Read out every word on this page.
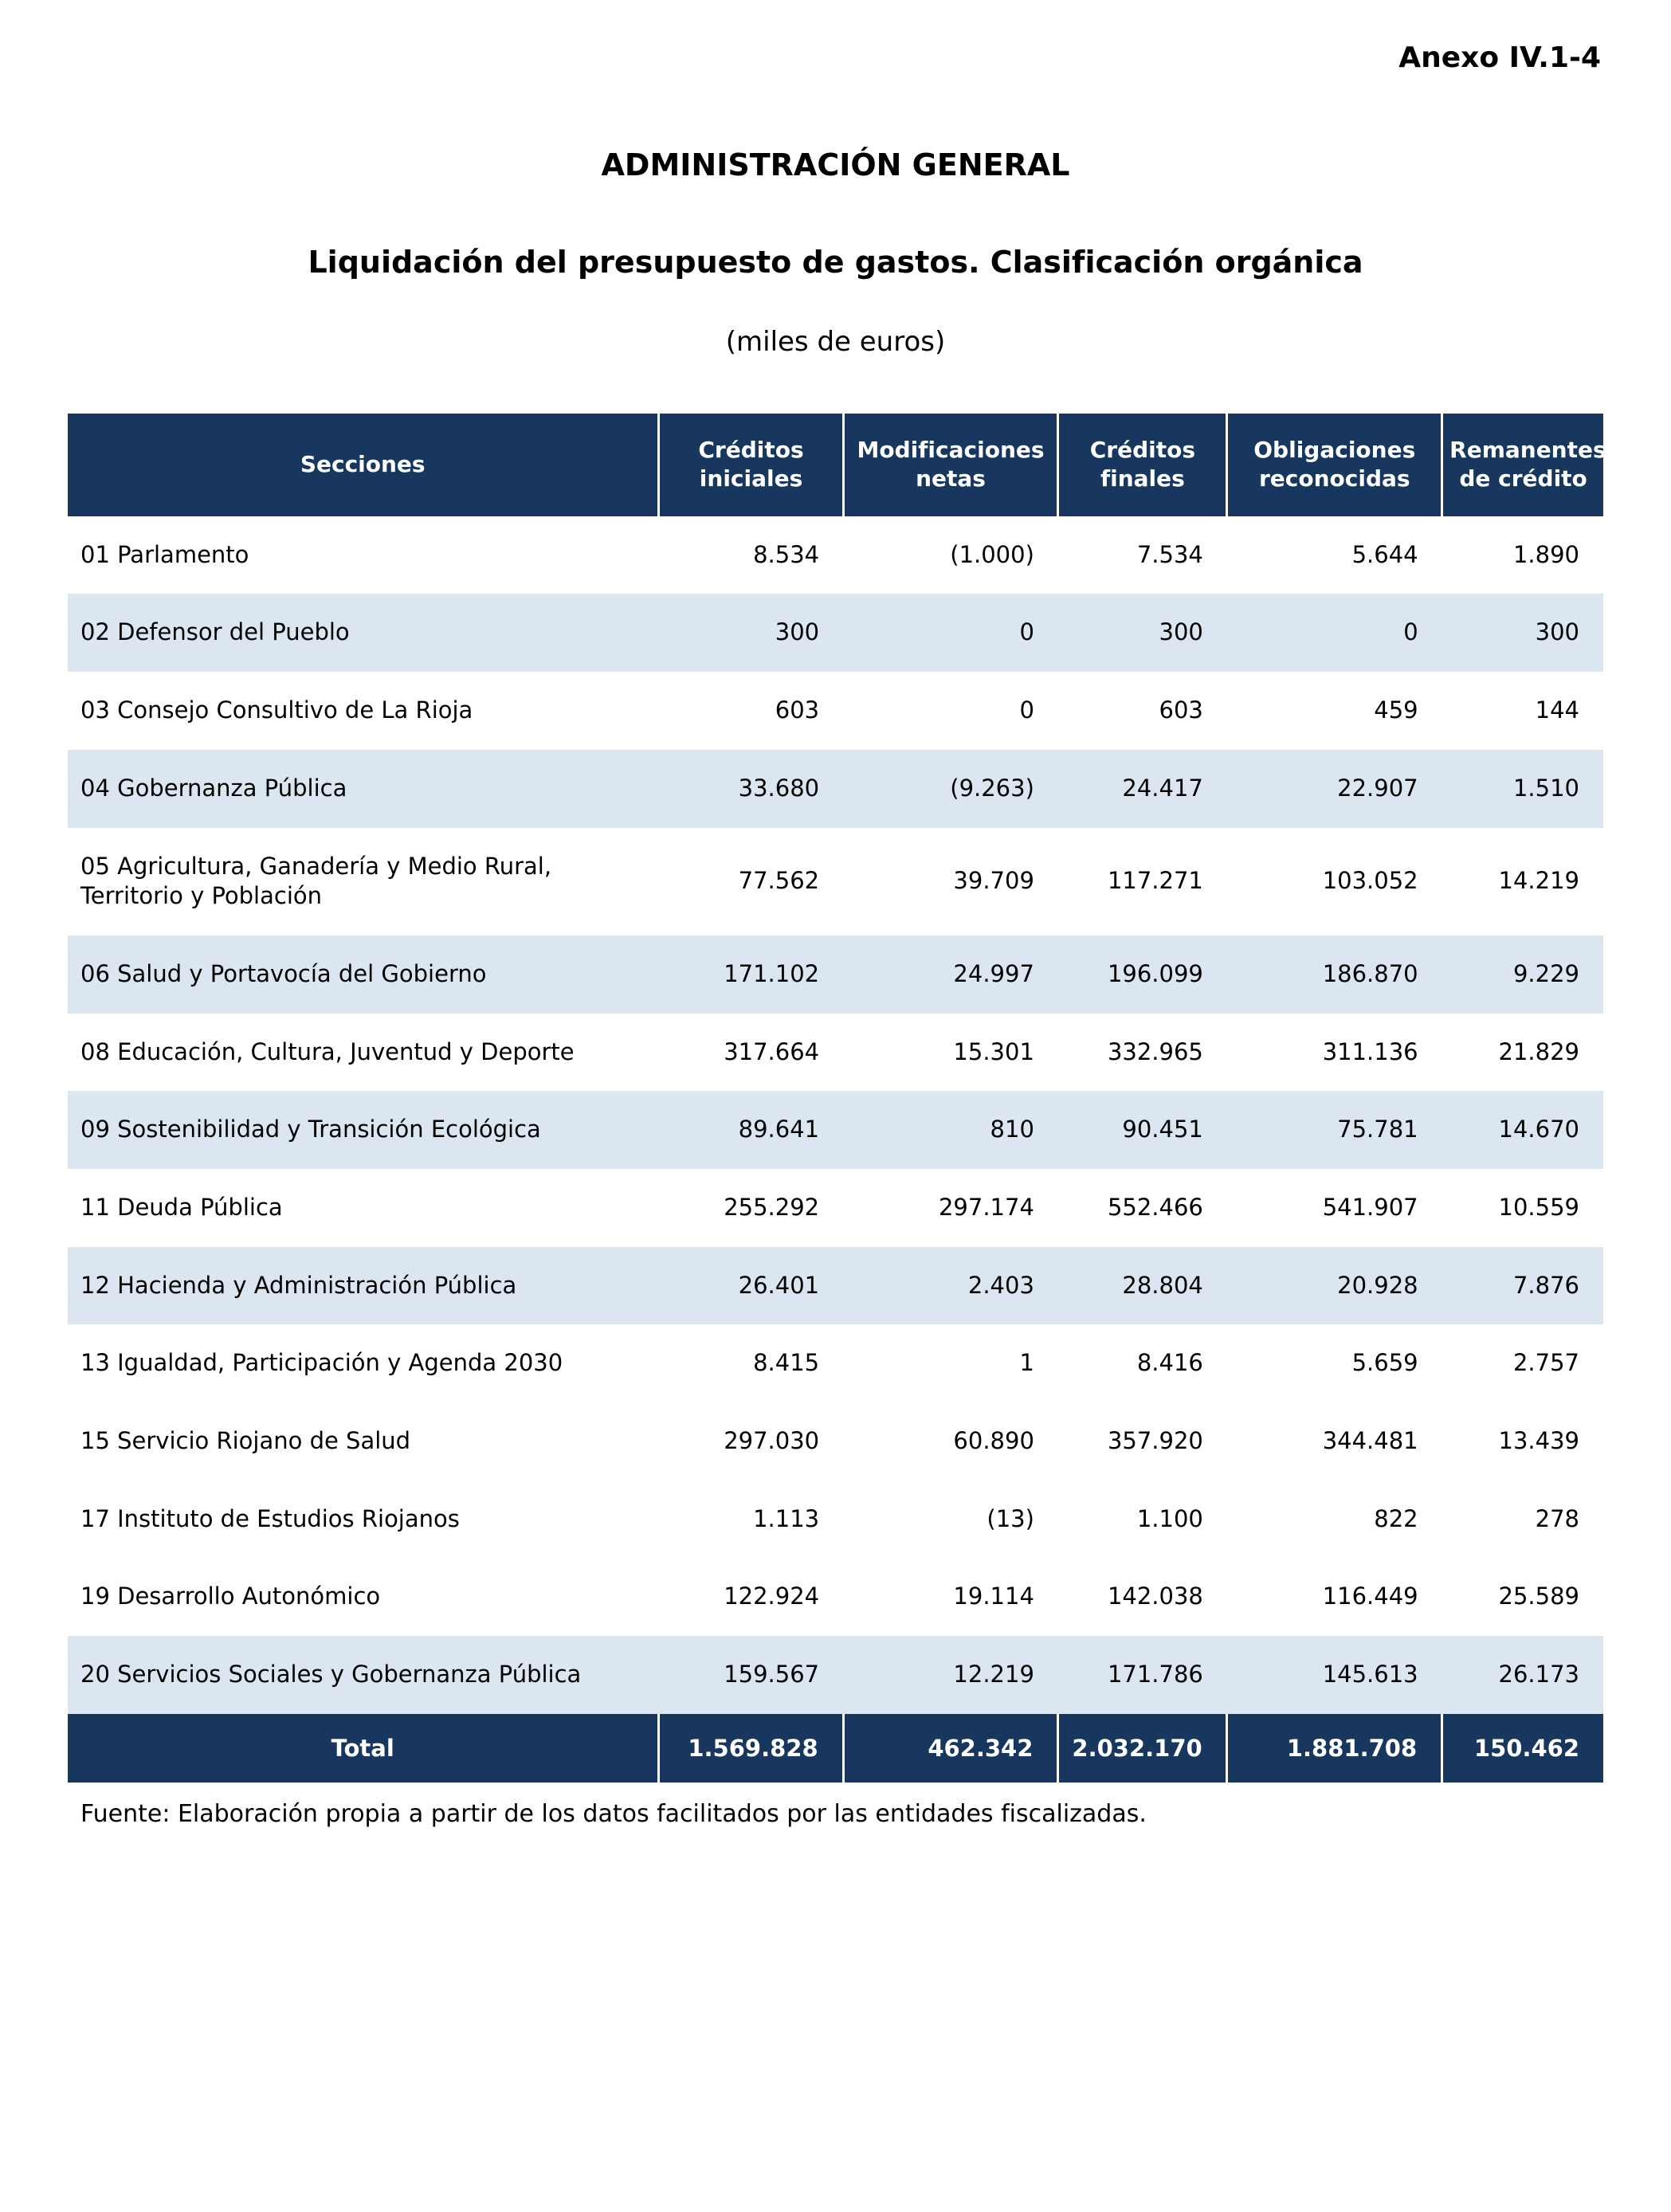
Anexo IV.1-4
ADMINISTRACIÓN GENERAL
Liquidación del presupuesto de gastos. Clasificación orgánica
(miles de euros)
Secciones	Créditos iniciales	Modificaciones netas	Créditos finales	Obligaciones reconocidas	Remanentes de crédito
01 Parlamento	8.534	(1.000)	7.534	5.644	1.890
02 Defensor del Pueblo	300	0	300	0	300
03 Consejo Consultivo de La Rioja	603	0	603	459	144
04 Gobernanza Pública	33.680	(9.263)	24.417	22.907	1.510
05 Agricultura, Ganadería y Medio Rural, Territorio y Población	77.562	39.709	117.271	103.052	14.219
06 Salud y Portavocía del Gobierno	171.102	24.997	196.099	186.870	9.229
08 Educación, Cultura, Juventud y Deporte	317.664	15.301	332.965	311.136	21.829
09 Sostenibilidad y Transición Ecológica	89.641	810	90.451	75.781	14.670
11 Deuda Pública	255.292	297.174	552.466	541.907	10.559
12 Hacienda y Administración Pública	26.401	2.403	28.804	20.928	7.876
13 Igualdad, Participación y Agenda 2030	8.415	1	8.416	5.659	2.757
15 Servicio Riojano de Salud	297.030	60.890	357.920	344.481	13.439
17 Instituto de Estudios Riojanos	1.113	(13)	1.100	822	278
19 Desarrollo Autonómico	122.924	19.114	142.038	116.449	25.589
20 Servicios Sociales y Gobernanza Pública	159.567	12.219	171.786	145.613	26.173
Total	1.569.828	462.342	2.032.170	1.881.708	150.462
Fuente: Elaboración propia a partir de los datos facilitados por las entidades fiscalizadas.
